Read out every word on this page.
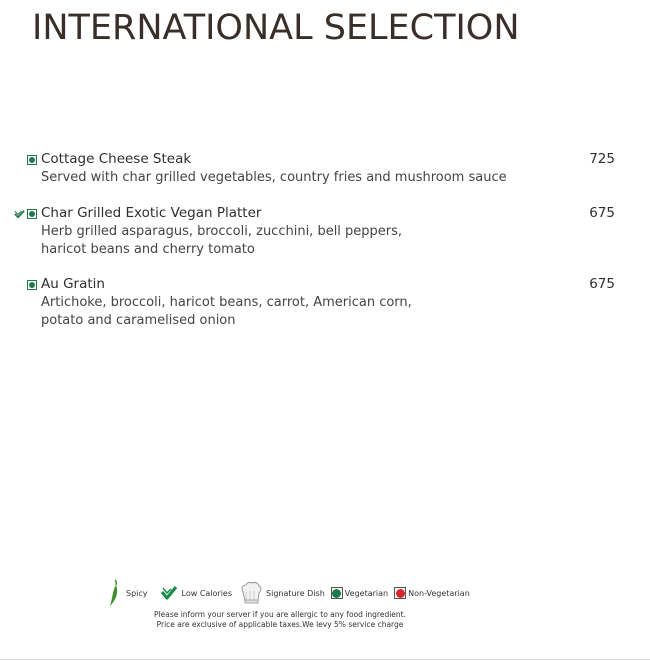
INTERNATIONAL SELECTION
Cottage Cheese Steak	725
Served with char grilled vegetables, country fries and mushroom sauce
Char Grilled Exotic Vegan Platter	675
Herb grilled asparagus, broccoli, zucchini, bell peppers,
haricot beans and cherry tomato
Au Gratin	675
Artichoke, broccoli, haricot beans, carrot, American corn,
potato and caramelised onion
Spicy	Low Calories	Signature Dish	Vegetarian	Non-Vegetarian
Please inform your server if you are allergic to any food ingredient.
Price are exclusive of applicable taxes.We levy 5% service charge
